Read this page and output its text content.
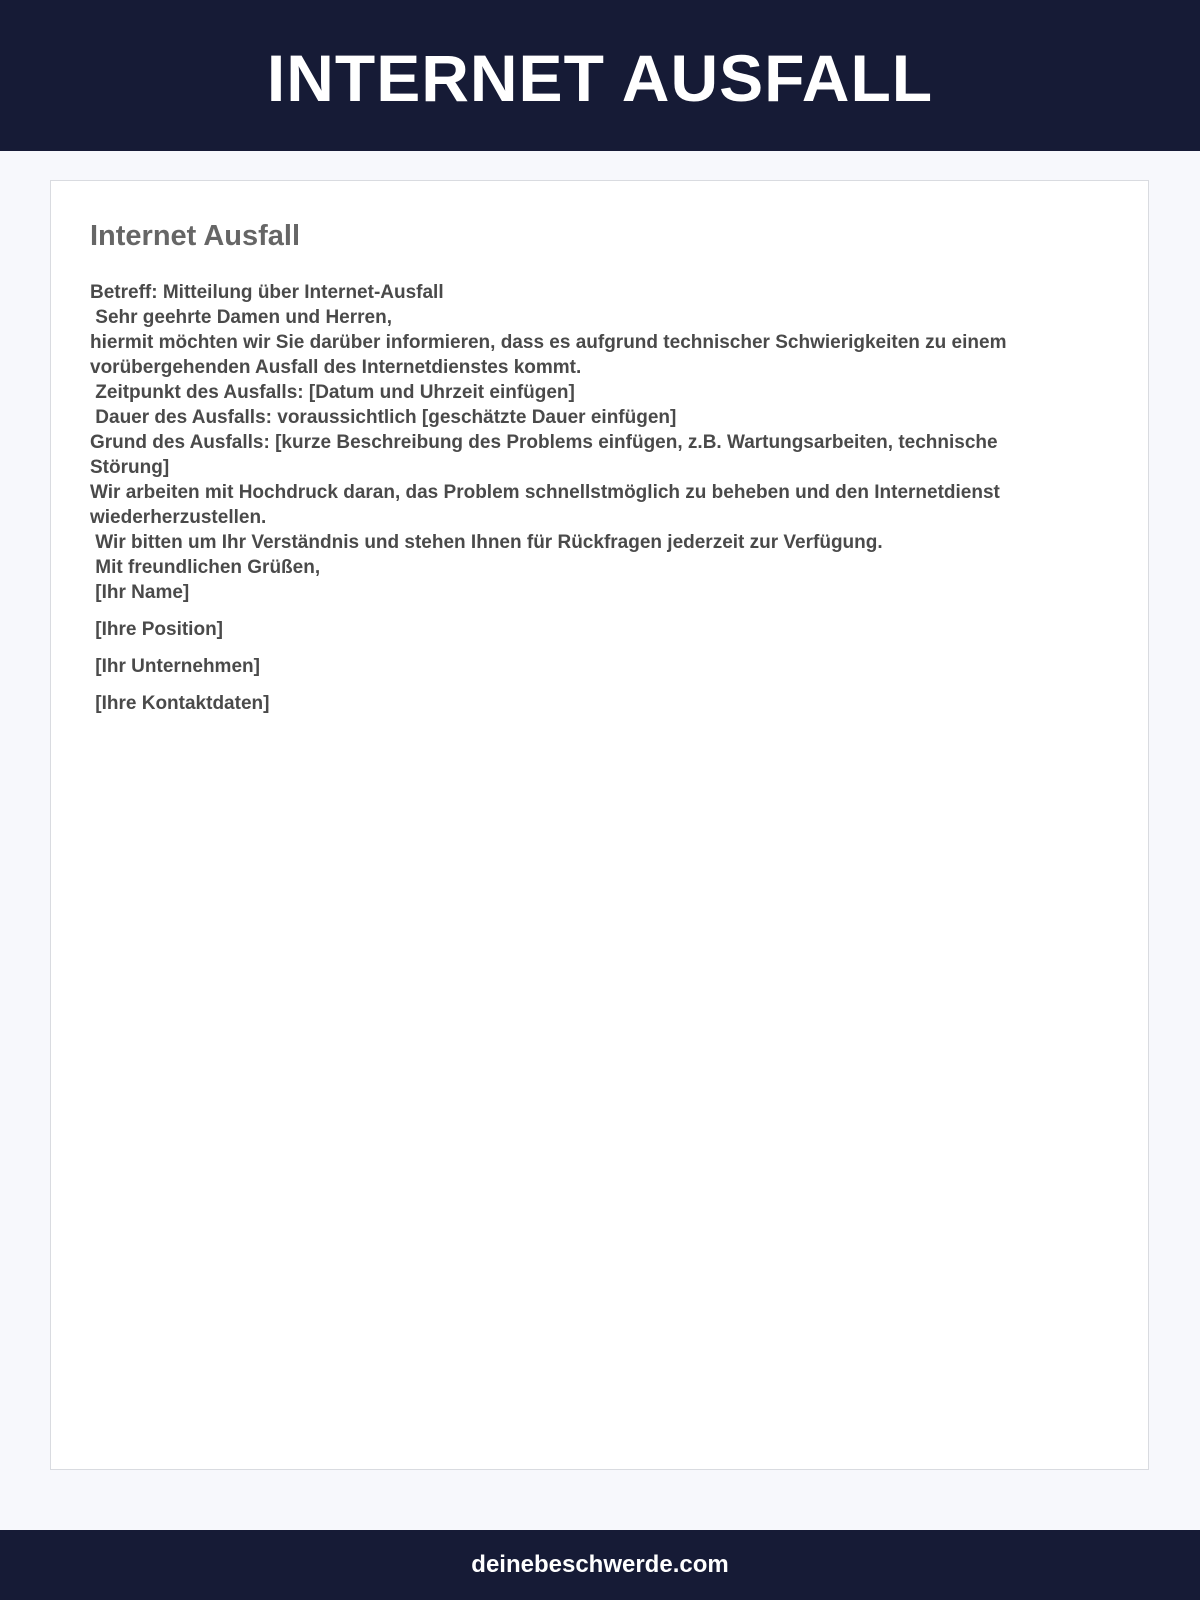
INTERNET AUSFALL
Internet Ausfall
Betreff: Mitteilung über Internet-Ausfall
Sehr geehrte Damen und Herren,
hiermit möchten wir Sie darüber informieren, dass es aufgrund technischer Schwierigkeiten zu einem vorübergehenden Ausfall des Internetdienstes kommt.
Zeitpunkt des Ausfalls: [Datum und Uhrzeit einfügen]
Dauer des Ausfalls: voraussichtlich [geschätzte Dauer einfügen]
Grund des Ausfalls: [kurze Beschreibung des Problems einfügen, z.B. Wartungsarbeiten, technische Störung]
Wir arbeiten mit Hochdruck daran, das Problem schnellstmöglich zu beheben und den Internetdienst wiederherzustellen.
Wir bitten um Ihr Verständnis und stehen Ihnen für Rückfragen jederzeit zur Verfügung.
Mit freundlichen Grüßen,
[Ihr Name]
[Ihre Position]
[Ihr Unternehmen]
[Ihre Kontaktdaten]
deinebeschwerde.com
